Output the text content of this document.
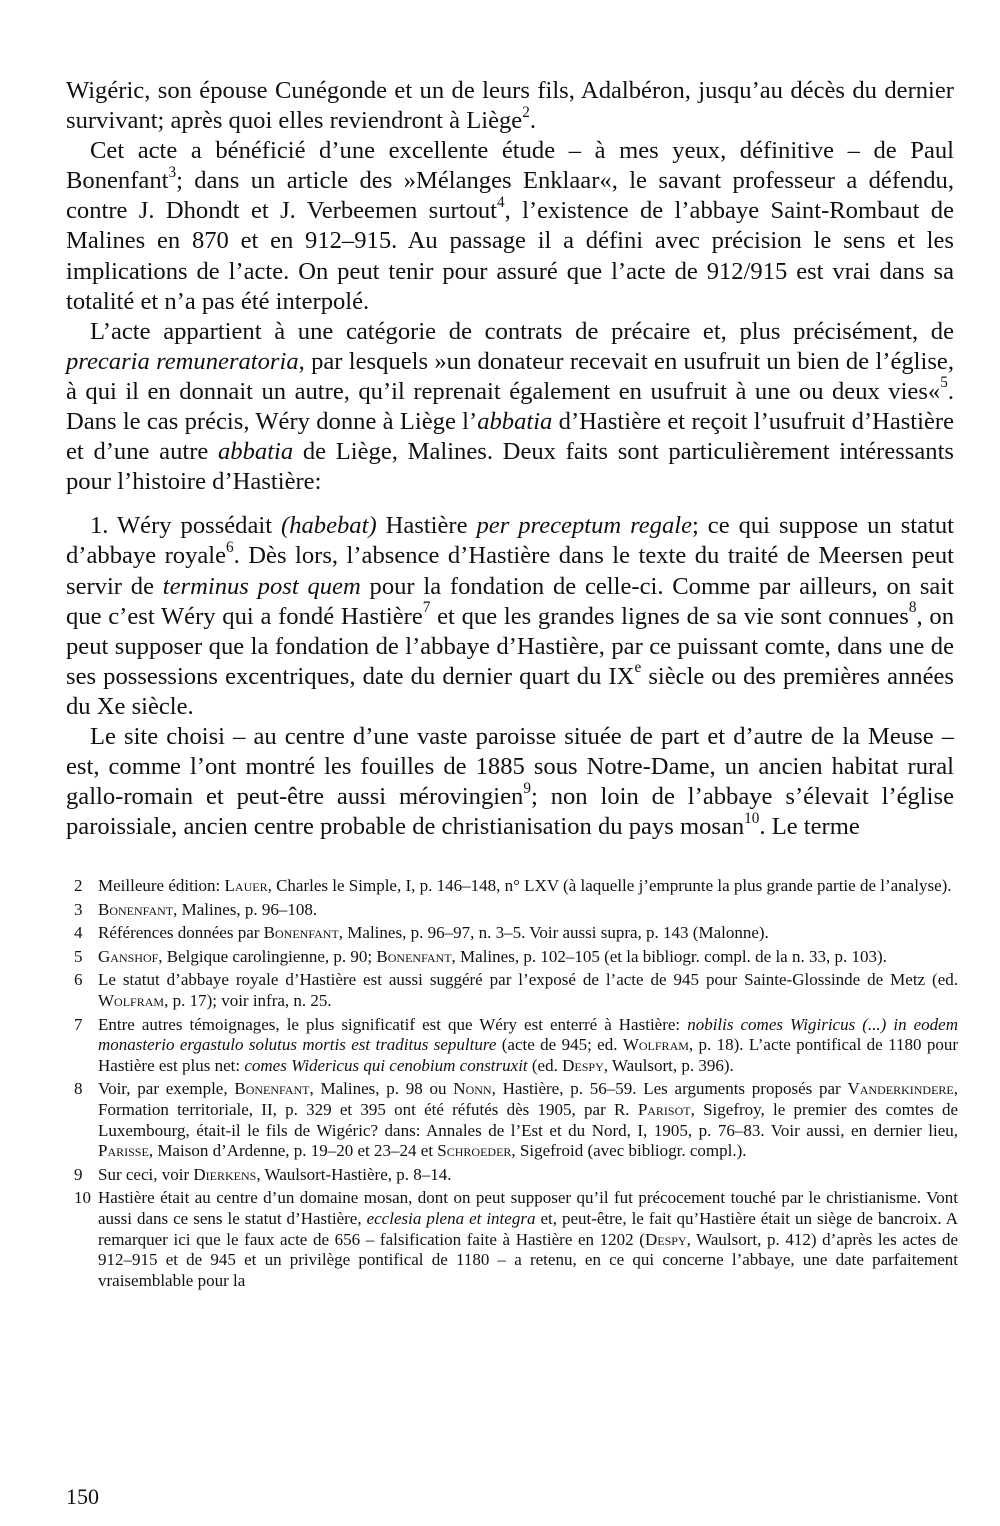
Wigéric, son épouse Cunégonde et un de leurs fils, Adalbéron, jusqu’au décès du dernier survivant; après quoi elles reviendront à Liège$^2$.

Cet acte a bénéficié d’une excellente étude – à mes yeux, définitive – de Paul Bonenfant$^3$; dans un article des »Mélanges Enklaar«, le savant professeur a défendu, contre J. Dhondt et J. Verbeemen surtout$^4$, l’existence de l’abbaye Saint-Rombaut de Malines en 870 et en 912–915. Au passage il a défini avec précision le sens et les implications de l’acte. On peut tenir pour assuré que l’acte de 912/915 est vrai dans sa totalité et n’a pas été interpolé.

L’acte appartient à une catégorie de contrats de précaire et, plus précisément, de precaria remuneratoria, par lesquels »un donateur recevait en usufruit un bien de l’église, à qui il en donnait un autre, qu’il reprenait également en usufruit à une ou deux vies«$^5$. Dans le cas précis, Wéry donne à Liège l’abbatia d’Hastière et reçoit l’usufruit d’Hastière et d’une autre abbatia de Liège, Malines. Deux faits sont particulièrement intéressants pour l’histoire d’Hastière:

1. Wéry possédait (habebat) Hastière per preceptum regale; ce qui suppose un statut d’abbaye royale$^6$. Dès lors, l’absence d’Hastière dans le texte du traité de Meersen peut servir de terminus post quem pour la fondation de celle-ci. Comme par ailleurs, on sait que c’est Wéry qui a fondé Hastière$^7$ et que les grandes lignes de sa vie sont connues$^8$, on peut supposer que la fondation de l’abbaye d’Hastière, par ce puissant comte, dans une de ses possessions excentriques, date du dernier quart du IXe siècle ou des premières années du Xe siècle.

Le site choisi – au centre d’une vaste paroisse située de part et d’autre de la Meuse – est, comme l’ont montré les fouilles de 1885 sous Notre-Dame, un ancien habitat rural gallo-romain et peut-être aussi mérovingien$^9$; non loin de l’abbaye s’élevait l’église paroissiale, ancien centre probable de christianisation du pays mosan$^{10}$. Le terme

2 Meilleure édition: Lauer, Charles le Simple, I, p. 146–148, n° LXV (à laquelle j’emprunte la plus grande partie de l’analyse).
3 Bonenfant, Malines, p. 96–108.
4 Références données par Bonenfant, Malines, p. 96–97, n. 3–5. Voir aussi supra, p. 143 (Malonne).
5 Ganshof, Belgique carolingienne, p. 90; Bonenfant, Malines, p. 102–105 (et la bibliogr. compl. de la n. 33, p. 103).
6 Le statut d’abbaye royale d’Hastière est aussi suggéré par l’exposé de l’acte de 945 pour Sainte-Glossinde de Metz (ed. Wolfram, p. 17); voir infra, n. 25.
7 Entre autres témoignages, le plus significatif est que Wéry est enterré à Hastière: nobilis comes Wigiricus (...) in eodem monasterio ergastulo solutus mortis est traditus sepulture (acte de 945; ed. Wolfram, p. 18). L’acte pontifical de 1180 pour Hastière est plus net: comes Widericus qui cenobium construxit (ed. Despy, Waulsort, p. 396).
8 Voir, par exemple, Bonenfant, Malines, p. 98 ou Nonn, Hastière, p. 56–59. Les arguments proposés par Vanderkindere, Formation territoriale, II, p. 329 et 395 ont été réfutés dès 1905, par R. Parisot, Sigefroy, le premier des comtes de Luxembourg, était-il le fils de Wigéric? dans: Annales de l’Est et du Nord, I, 1905, p. 76–83. Voir aussi, en dernier lieu, Parisse, Maison d’Ardenne, p. 19–20 et 23–24 et Schroeder, Sigefroid (avec bibliogr. compl.).
9 Sur ceci, voir Dierkens, Waulsort-Hastière, p. 8–14.
10 Hastière était au centre d’un domaine mosan, dont on peut supposer qu’il fut précocement touché par le christianisme. Vont aussi dans ce sens le statut d’Hastière, ecclesia plena et integra et, peut-être, le fait qu’Hastière était un siège de bancroix. A remarquer ici que le faux acte de 656 – falsification faite à Hastière en 1202 (Despy, Waulsort, p. 412) d’après les actes de 912–915 et de 945 et un privilège pontifical de 1180 – a retenu, en ce qui concerne l’abbaye, une date parfaitement vraisemblable pour la
150
